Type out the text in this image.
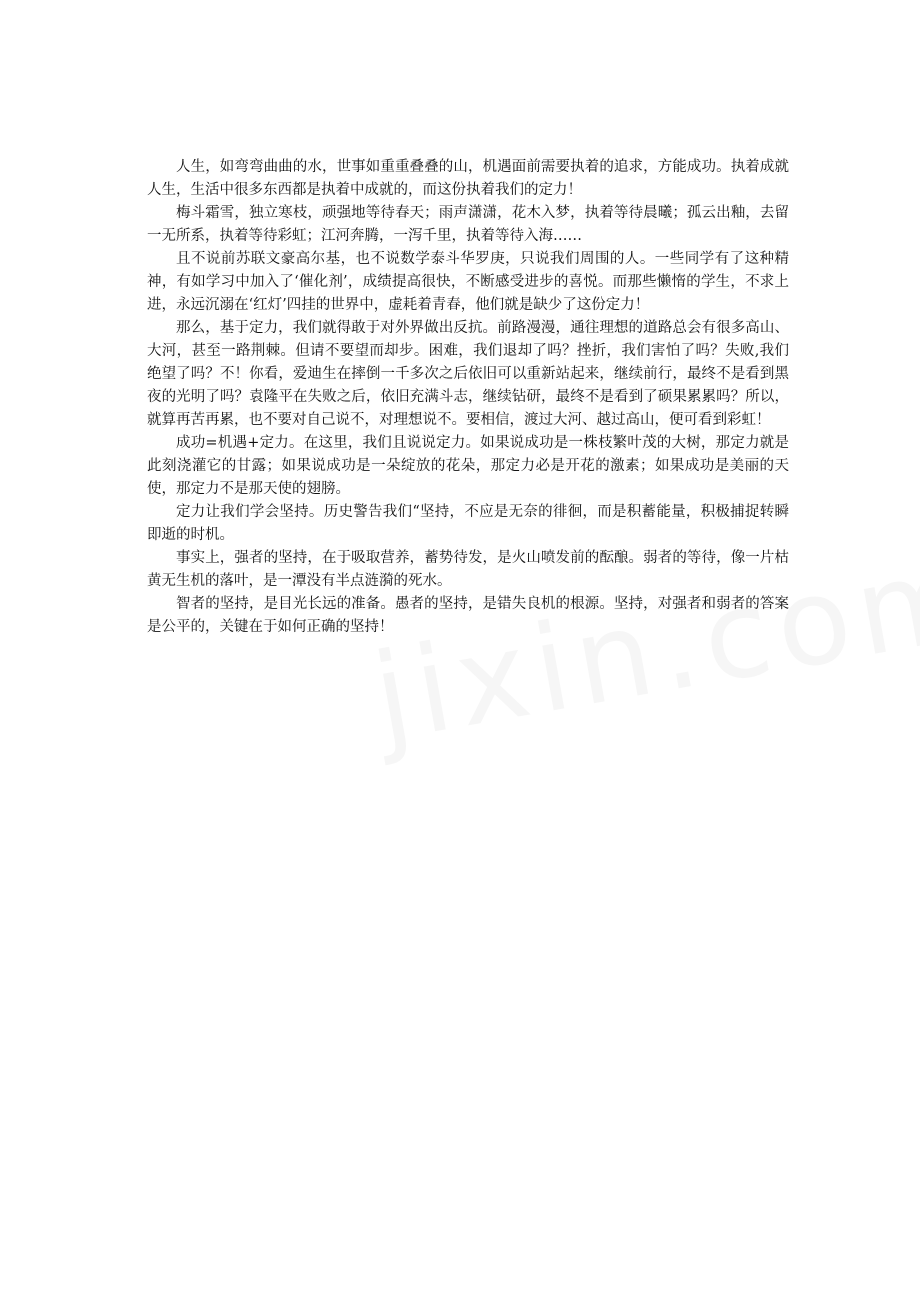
人生，如弯弯曲曲的水，世事如重重叠叠的山，机遇面前需要执着的追求，方能成功。执着成就人生，生活中很多东西都是执着中成就的，而这份执着我们的定力！

梅斗霜雪，独立寒枝，顽强地等待春天；雨声潇潇，花木入梦，执着等待晨曦；孤云出釉，去留一无所系，执着等待彩虹；江河奔腾，一泻千里，执着等待入海……

且不说前苏联文豪高尔基，也不说数学泰斗华罗庚，只说我们周围的人。一些同学有了这种精神，有如学习中加入了‘催化剂’，成绩提高很快，不断感受进步的喜悦。而那些懒惰的学生，不求上进，永远沉溺在‘红灯’四挂的世界中，虚耗着青春，他们就是缺少了这份定力！

那么，基于定力，我们就得敢于对外界做出反抗。前路漫漫，通往理想的道路总会有很多高山、大河，甚至一路荆棘。但请不要望而却步。困难，我们退却了吗？挫折，我们害怕了吗？失败,我们绝望了吗？不！你看，爱迪生在摔倒一千多次之后依旧可以重新站起来，继续前行，最终不是看到黑夜的光明了吗？袁隆平在失败之后，依旧充满斗志，继续钻研，最终不是看到了硕果累累吗？所以，就算再苦再累，也不要对自己说不，对理想说不。要相信，渡过大河、越过高山，便可看到彩虹！

成功=机遇+定力。在这里，我们且说说定力。如果说成功是一株枝繁叶茂的大树，那定力就是此刻浇灌它的甘露；如果说成功是一朵绽放的花朵，那定力必是开花的激素；如果成功是美丽的天使，那定力不是那天使的翅膀。

定力让我们学会坚持。历史警告我们“坚持，不应是无奈的徘徊，而是积蓄能量，积极捕捉转瞬即逝的时机。

事实上，强者的坚持，在于吸取营养，蓄势待发，是火山喷发前的酝酿。弱者的等待，像一片枯黄无生机的落叶，是一潭没有半点涟漪的死水。

智者的坚持，是目光长远的准备。愚者的坚持，是错失良机的根源。坚持，对强者和弱者的答案是公平的，关键在于如何正确的坚持！
